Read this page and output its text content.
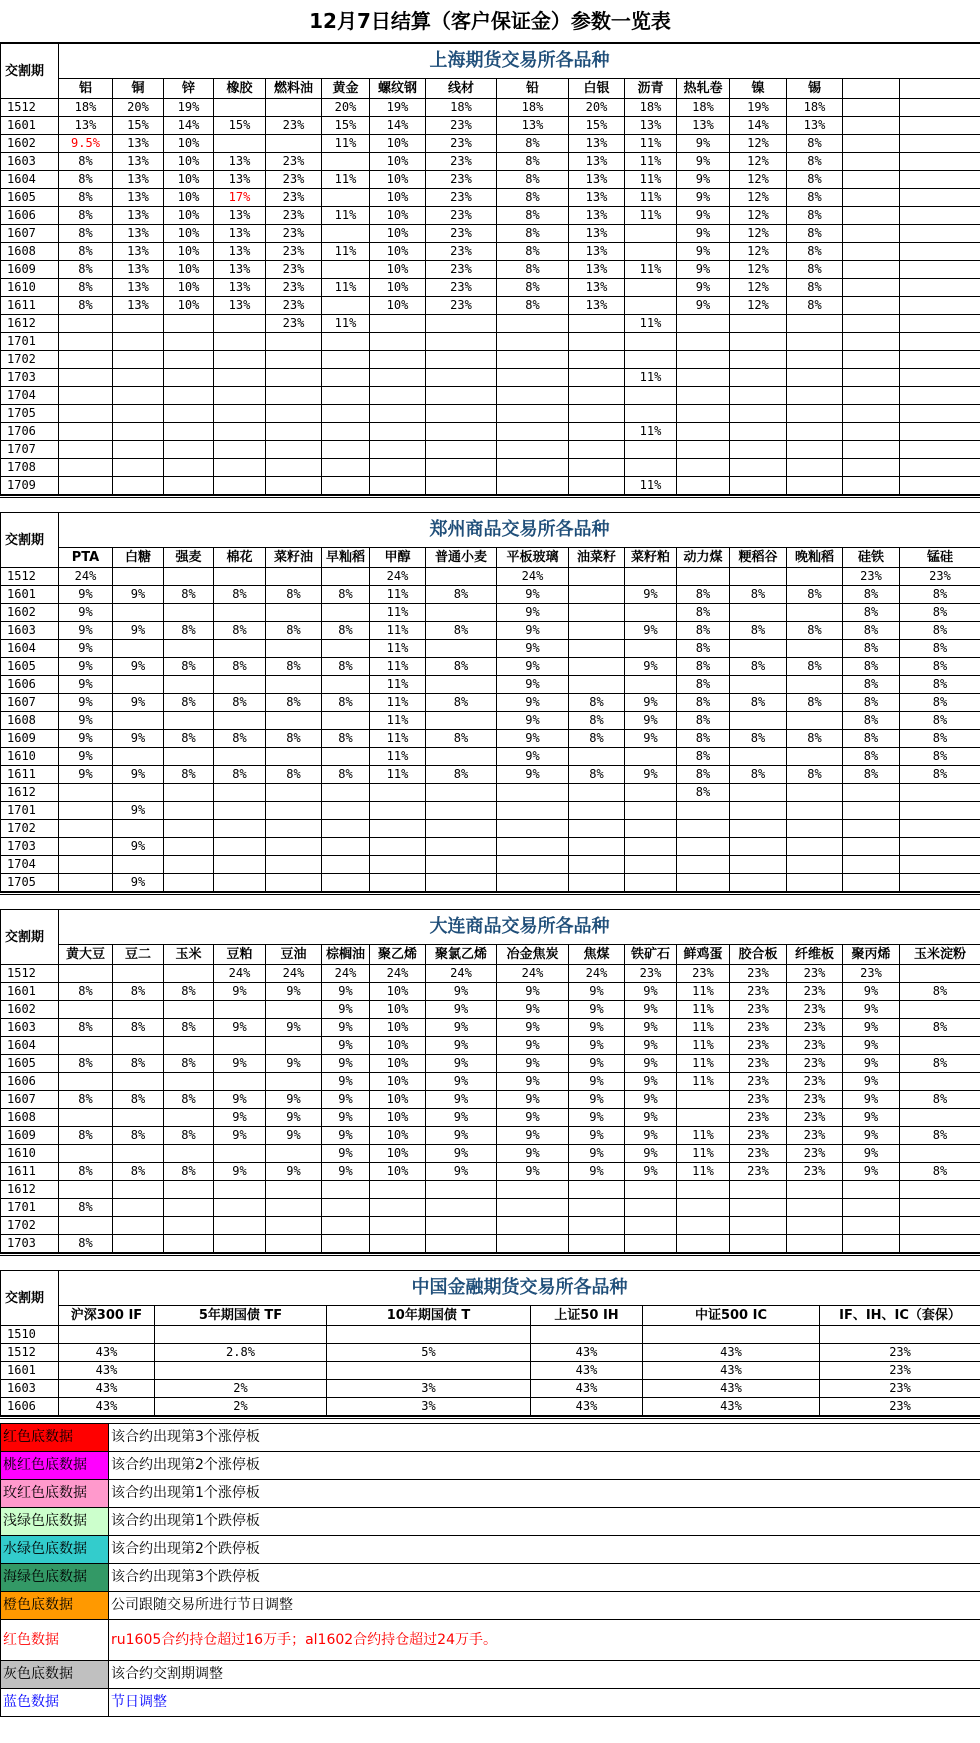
12月7日结算（客户保证金）参数一览表
交割期	上海期货交易所各品种															
	铝	铜	锌	橡胶	燃料油	黄金	螺纹钢	线材	铅	白银	沥青	热轧卷	镍	锡		
1512	18%	20%	19%			20%	19%	18%	18%	20%	18%	18%	19%	18%		
1601	13%	15%	14%	15%	23%	15%	14%	23%	13%	15%	13%	13%	14%	13%		
1602	9.5%	13%	10%			11%	10%	23%	8%	13%	11%	9%	12%	8%		
1603	8%	13%	10%	13%	23%		10%	23%	8%	13%	11%	9%	12%	8%		
1604	8%	13%	10%	13%	23%	11%	10%	23%	8%	13%	11%	9%	12%	8%		
1605	8%	13%	10%	17%	23%		10%	23%	8%	13%	11%	9%	12%	8%		
1606	8%	13%	10%	13%	23%	11%	10%	23%	8%	13%	11%	9%	12%	8%		
1607	8%	13%	10%	13%	23%		10%	23%	8%	13%		9%	12%	8%		
1608	8%	13%	10%	13%	23%	11%	10%	23%	8%	13%		9%	12%	8%		
1609	8%	13%	10%	13%	23%		10%	23%	8%	13%	11%	9%	12%	8%		
1610	8%	13%	10%	13%	23%	11%	10%	23%	8%	13%		9%	12%	8%		
1611	8%	13%	10%	13%	23%		10%	23%	8%	13%		9%	12%	8%		
1612					23%	11%					11%					
1701																
1702																
1703											11%					
1704																
1705																
1706											11%					
1707																
1708																
1709											11%					
交割期	郑州商品交易所各品种															
	PTA	白糖	强麦	棉花	菜籽油	早籼稻	甲醇	普通小麦	平板玻璃	油菜籽	菜籽粕	动力煤	粳稻谷	晚籼稻	硅铁	锰硅
1512	24%						24%		24%						23%	23%
1601	9%	9%	8%	8%	8%	8%	11%	8%	9%		9%	8%	8%	8%	8%	8%
1602	9%						11%		9%			8%			8%	8%
1603	9%	9%	8%	8%	8%	8%	11%	8%	9%		9%	8%	8%	8%	8%	8%
1604	9%						11%		9%			8%			8%	8%
1605	9%	9%	8%	8%	8%	8%	11%	8%	9%		9%	8%	8%	8%	8%	8%
1606	9%						11%		9%			8%			8%	8%
1607	9%	9%	8%	8%	8%	8%	11%	8%	9%	8%	9%	8%	8%	8%	8%	8%
1608	9%						11%		9%	8%	9%	8%			8%	8%
1609	9%	9%	8%	8%	8%	8%	11%	8%	9%	8%	9%	8%	8%	8%	8%	8%
1610	9%						11%		9%			8%			8%	8%
1611	9%	9%	8%	8%	8%	8%	11%	8%	9%	8%	9%	8%	8%	8%	8%	8%
1612												8%				
1701		9%														
1702																
1703		9%														
1704																
1705		9%														
交割期	大连商品交易所各品种															
	黄大豆	豆二	玉米	豆粕	豆油	棕榈油	聚乙烯	聚氯乙烯	冶金焦炭	焦煤	铁矿石	鲜鸡蛋	胶合板	纤维板	聚丙烯	玉米淀粉
1512				24%	24%	24%	24%	24%	24%	24%	23%	23%	23%	23%	23%	
1601	8%	8%	8%	9%	9%	9%	10%	9%	9%	9%	9%	11%	23%	23%	9%	8%
1602						9%	10%	9%	9%	9%	9%	11%	23%	23%	9%	
1603	8%	8%	8%	9%	9%	9%	10%	9%	9%	9%	9%	11%	23%	23%	9%	8%
1604						9%	10%	9%	9%	9%	9%	11%	23%	23%	9%	
1605	8%	8%	8%	9%	9%	9%	10%	9%	9%	9%	9%	11%	23%	23%	9%	8%
1606						9%	10%	9%	9%	9%	9%	11%	23%	23%	9%	
1607	8%	8%	8%	9%	9%	9%	10%	9%	9%	9%	9%		23%	23%	9%	8%
1608				9%	9%	9%	10%	9%	9%	9%	9%		23%	23%	9%	
1609	8%	8%	8%	9%	9%	9%	10%	9%	9%	9%	9%	11%	23%	23%	9%	8%
1610						9%	10%	9%	9%	9%	9%	11%	23%	23%	9%	
1611	8%	8%	8%	9%	9%	9%	10%	9%	9%	9%	9%	11%	23%	23%	9%	8%
1612																
1701	8%															
1702																
1703	8%															
交割期	中国金融期货交易所各品种					
	沪深300 IF	5年期国债 TF	10年期国债 T	上证50 IH	中证500 IC	IF、IH、IC（套保）
1510						
1512	43%	2.8%	5%	43%	43%	23%
1601	43%			43%	43%	23%
1603	43%	2%	3%	43%	43%	23%
1606	43%	2%	3%	43%	43%	23%
红色底数据	该合约出现第3个涨停板
桃红色底数据	该合约出现第2个涨停板
玫红色底数据	该合约出现第1个涨停板
浅绿色底数据	该合约出现第1个跌停板
水绿色底数据	该合约出现第2个跌停板
海绿色底数据	该合约出现第3个跌停板
橙色底数据	公司跟随交易所进行节日调整
红色数据	ru1605合约持仓超过16万手；al1602合约持仓超过24万手。
灰色底数据	该合约交割期调整
蓝色数据	节日调整
